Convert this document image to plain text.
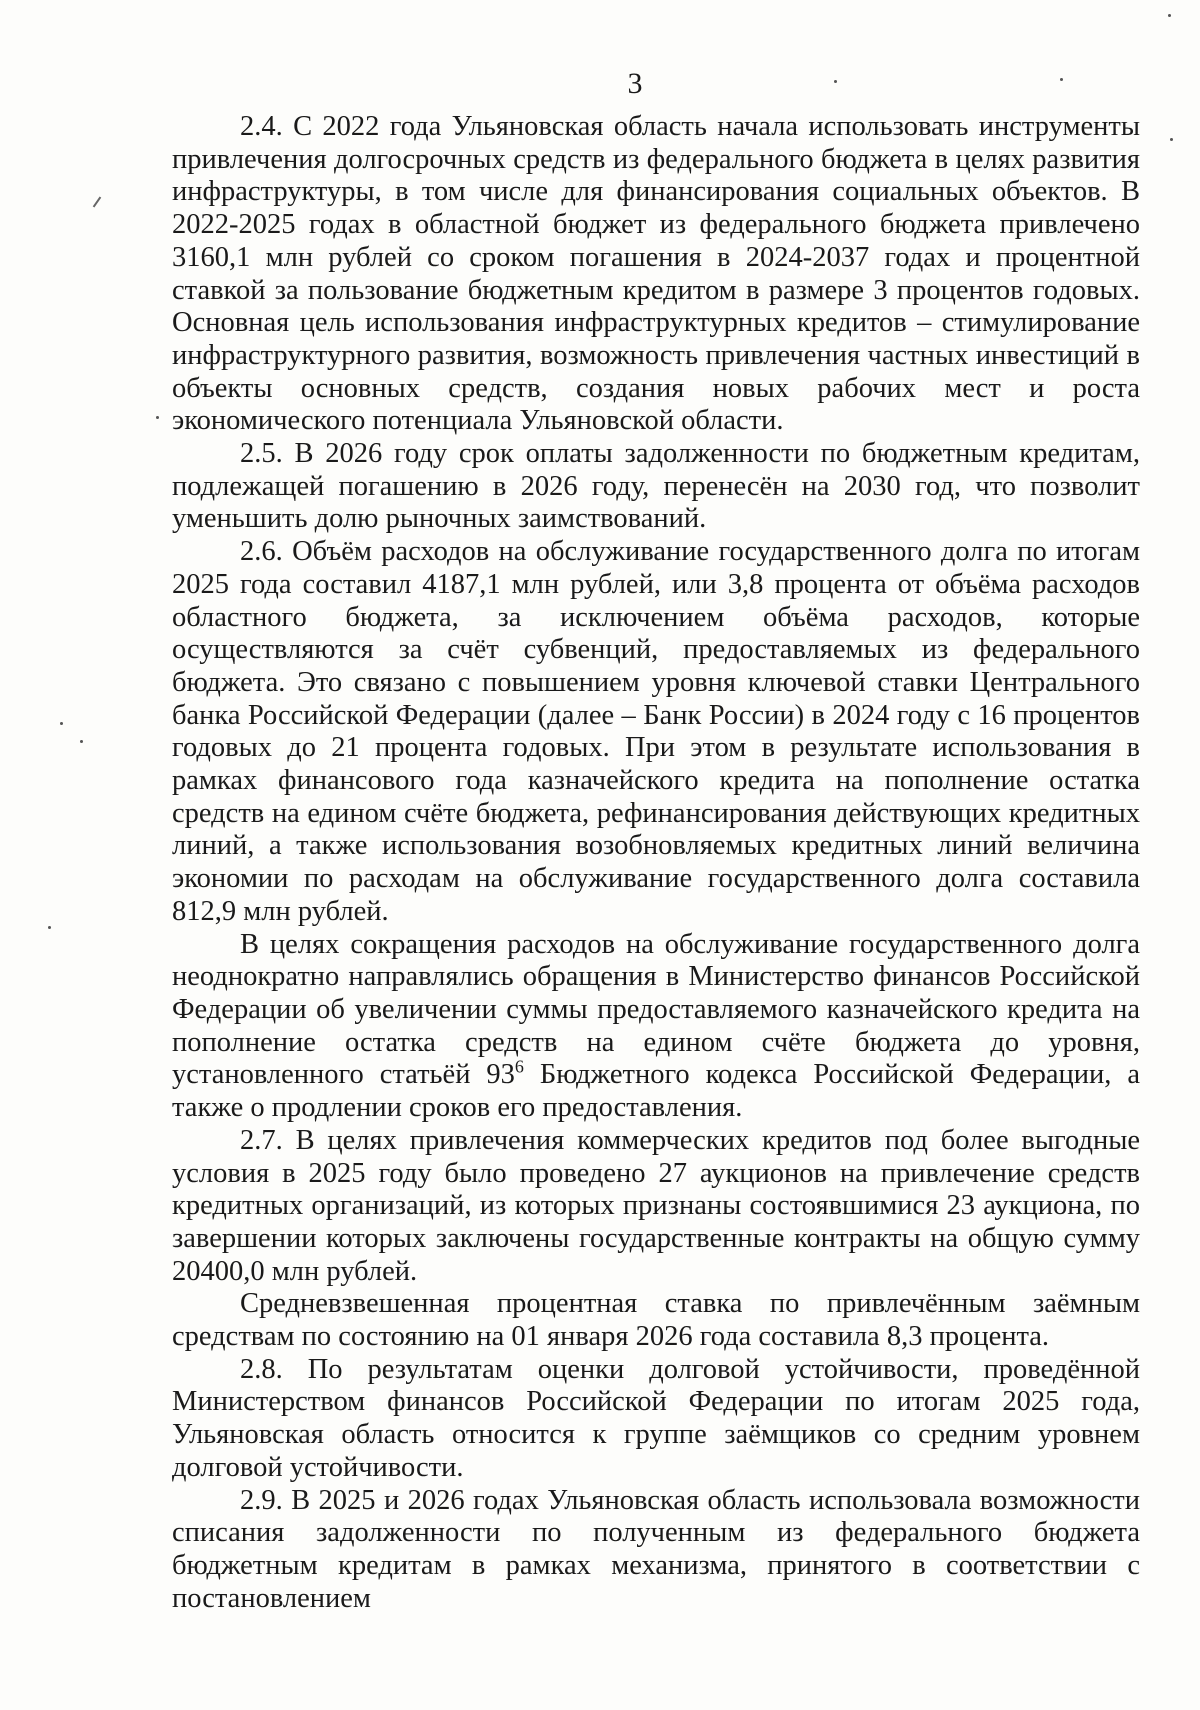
3

2.4. С 2022 года Ульяновская область начала использовать инструменты привлечения долгосрочных средств из федерального бюджета в целях развития инфраструктуры, в том числе для финансирования социальных объектов. В 2022-2025 годах в областной бюджет из федерального бюджета привлечено 3160,1 млн рублей со сроком погашения в 2024-2037 годах и процентной ставкой за пользование бюджетным кредитом в размере 3 процентов годовых. Основная цель использования инфраструктурных кредитов – стимулирование инфраструктурного развития, возможность привлечения частных инвестиций в объекты основных средств, создания новых рабочих мест и роста экономического потенциала Ульяновской области.

2.5. В 2026 году срок оплаты задолженности по бюджетным кредитам, подлежащей погашению в 2026 году, перенесён на 2030 год, что позволит уменьшить долю рыночных заимствований.

2.6. Объём расходов на обслуживание государственного долга по итогам 2025 года составил 4187,1 млн рублей, или 3,8 процента от объёма расходов областного бюджета, за исключением объёма расходов, которые осуществляются за счёт субвенций, предоставляемых из федерального бюджета. Это связано с повышением уровня ключевой ставки Центрального банка Российской Федерации (далее – Банк России) в 2024 году с 16 процентов годовых до 21 процента годовых. При этом в результате использования в рамках финансового года казначейского кредита на пополнение остатка средств на едином счёте бюджета, рефинансирования действующих кредитных линий, а также использования возобновляемых кредитных линий величина экономии по расходам на обслуживание государственного долга составила 812,9 млн рублей.

В целях сокращения расходов на обслуживание государственного долга неоднократно направлялись обращения в Министерство финансов Российской Федерации об увеличении суммы предоставляемого казначейского кредита на пополнение остатка средств на едином счёте бюджета до уровня, установленного статьёй $93^6$ Бюджетного кодекса Российской Федерации, а также о продлении сроков его предоставления.

2.7. В целях привлечения коммерческих кредитов под более выгодные условия в 2025 году было проведено 27 аукционов на привлечение средств кредитных организаций, из которых признаны состоявшимися 23 аукциона, по завершении которых заключены государственные контракты на общую сумму 20400,0 млн рублей.

Средневзвешенная процентная ставка по привлечённым заёмным средствам по состоянию на 01 января 2026 года составила 8,3 процента.

2.8. По результатам оценки долговой устойчивости, проведённой Министерством финансов Российской Федерации по итогам 2025 года, Ульяновская область относится к группе заёмщиков со средним уровнем долговой устойчивости.

2.9. В 2025 и 2026 годах Ульяновская область использовала возможности списания задолженности по полученным из федерального бюджета бюджетным кредитам в рамках механизма, принятого в соответствии с постановлением
